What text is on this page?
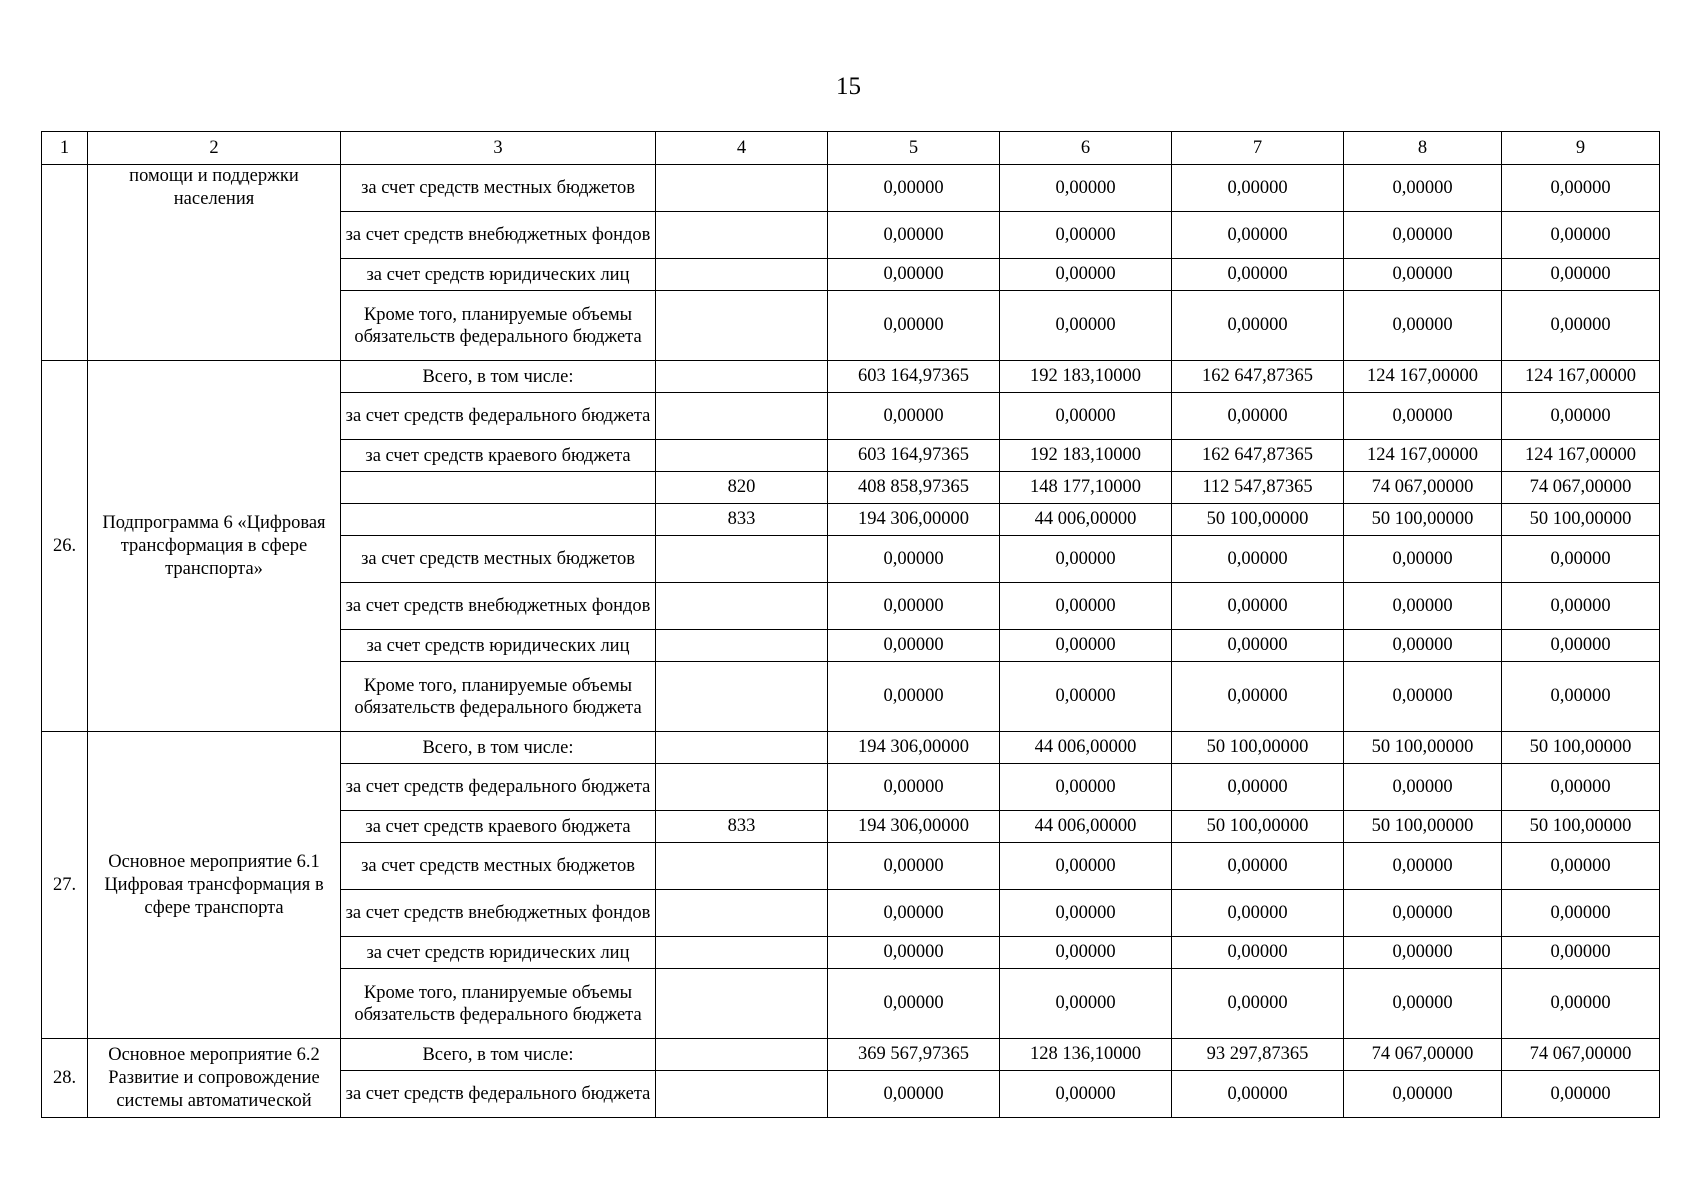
15
1	2	3	4	5	6	7	8	9
	помощи и поддержки населения	за счет средств местных бюджетов		0,00000	0,00000	0,00000	0,00000	0,00000
		за счет средств внебюджетных фондов		0,00000	0,00000	0,00000	0,00000	0,00000
		за счет средств юридических лиц		0,00000	0,00000	0,00000	0,00000	0,00000
		Кроме того, планируемые объемы обязательств федерального бюджета		0,00000	0,00000	0,00000	0,00000	0,00000
26.	Подпрограмма 6 «Цифровая трансформация в сфере транспорта»	Всего, в том числе:		603 164,97365	192 183,10000	162 647,87365	124 167,00000	124 167,00000
		за счет средств федерального бюджета		0,00000	0,00000	0,00000	0,00000	0,00000
		за счет средств краевого бюджета		603 164,97365	192 183,10000	162 647,87365	124 167,00000	124 167,00000
			820	408 858,97365	148 177,10000	112 547,87365	74 067,00000	74 067,00000
			833	194 306,00000	44 006,00000	50 100,00000	50 100,00000	50 100,00000
		за счет средств местных бюджетов		0,00000	0,00000	0,00000	0,00000	0,00000
		за счет средств внебюджетных фондов		0,00000	0,00000	0,00000	0,00000	0,00000
		за счет средств юридических лиц		0,00000	0,00000	0,00000	0,00000	0,00000
		Кроме того, планируемые объемы обязательств федерального бюджета		0,00000	0,00000	0,00000	0,00000	0,00000
27.	Основное мероприятие 6.1 Цифровая трансформация в сфере транспорта	Всего, в том числе:		194 306,00000	44 006,00000	50 100,00000	50 100,00000	50 100,00000
		за счет средств федерального бюджета		0,00000	0,00000	0,00000	0,00000	0,00000
		за счет средств краевого бюджета	833	194 306,00000	44 006,00000	50 100,00000	50 100,00000	50 100,00000
		за счет средств местных бюджетов		0,00000	0,00000	0,00000	0,00000	0,00000
		за счет средств внебюджетных фондов		0,00000	0,00000	0,00000	0,00000	0,00000
		за счет средств юридических лиц		0,00000	0,00000	0,00000	0,00000	0,00000
		Кроме того, планируемые объемы обязательств федерального бюджета		0,00000	0,00000	0,00000	0,00000	0,00000
28.	Основное мероприятие 6.2 Развитие и сопровождение системы автоматической	Всего, в том числе:		369 567,97365	128 136,10000	93 297,87365	74 067,00000	74 067,00000
		за счет средств федерального бюджета		0,00000	0,00000	0,00000	0,00000	0,00000
